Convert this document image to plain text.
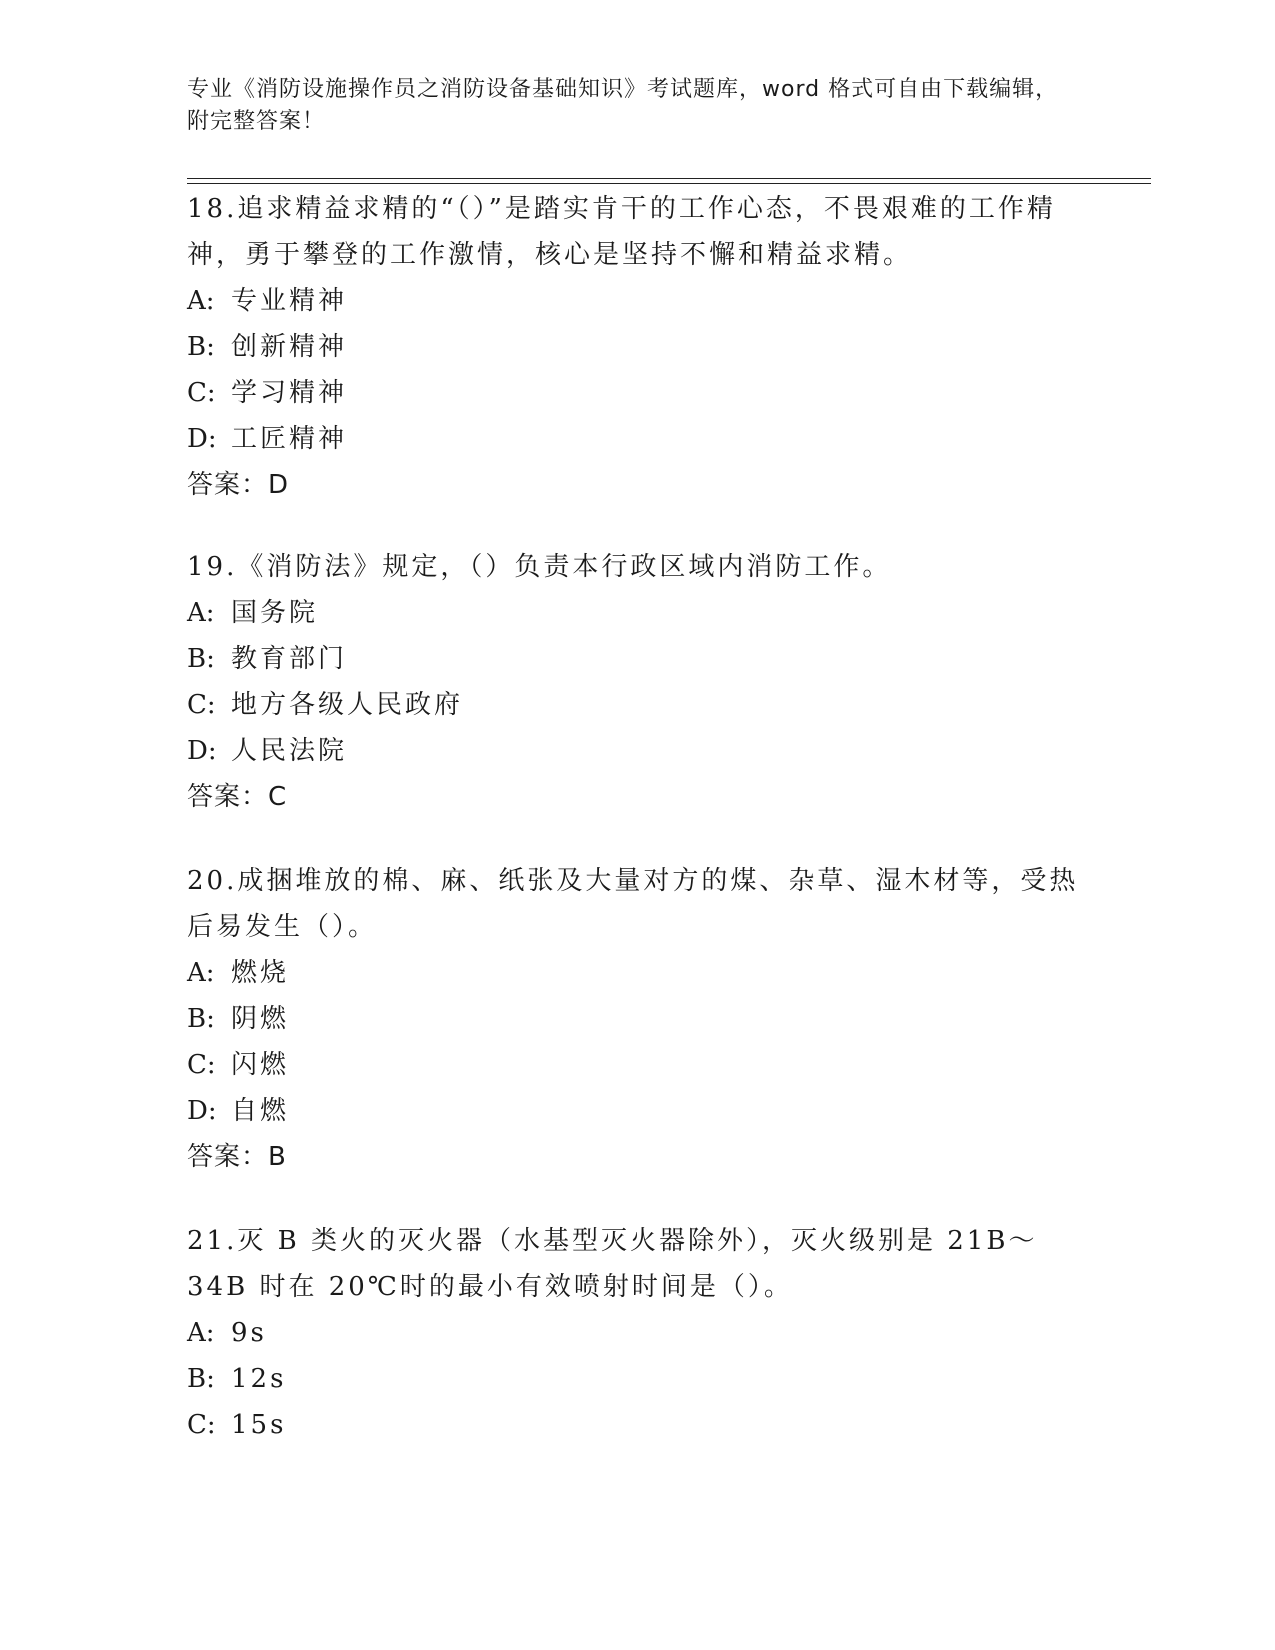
专业《消防设施操作员之消防设备基础知识》考试题库，word 格式可自由下载编辑，附完整答案！

18.追求精益求精的“（）”是踏实肯干的工作心态，不畏艰难的工作精神，勇于攀登的工作激情，核心是坚持不懈和精益求精。

A: 专业精神

B: 创新精神

C: 学习精神

D: 工匠精神

答案：D

19.《消防法》规定，（）负责本行政区域内消防工作。

A: 国务院

B: 教育部门

C: 地方各级人民政府

D: 人民法院

答案：C

20.成捆堆放的棉、麻、纸张及大量对方的煤、杂草、湿木材等，受热后易发生（）。

A: 燃烧

B: 阴燃

C: 闪燃

D: 自燃

答案：B

21.灭 B 类火的灭火器（水基型灭火器除外），灭火级别是 21B～34B 时在 20℃时的最小有效喷射时间是（）。

A: 9s

B: 12s

C: 15s
